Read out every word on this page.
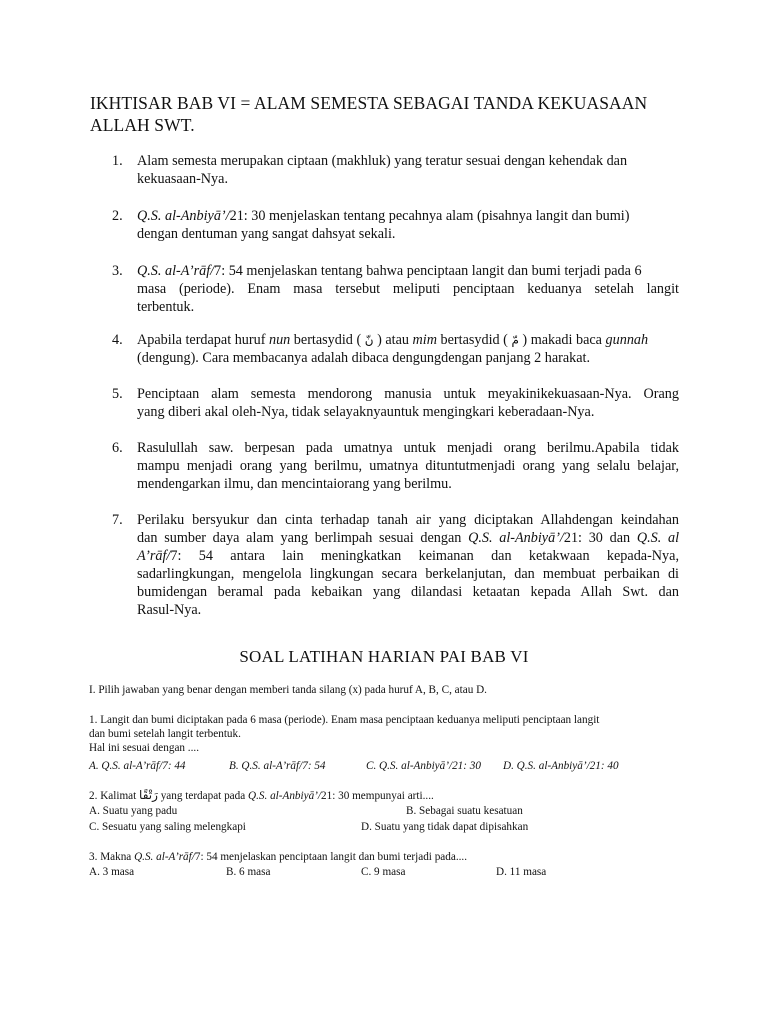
IKHTISAR BAB VI = ALAM SEMESTA SEBAGAI TANDA KEKUASAAN
ALLAH SWT.
1.	Alam semesta merupakan ciptaan (makhluk) yang teratur sesuai dengan kehendak dan
kekuasaan-Nya.
2.	Q.S. al-Anbiyā’/21: 30 menjelaskan tentang pecahnya alam (pisahnya langit dan bumi)
dengan dentuman yang sangat dahsyat sekali.
3.	Q.S. al-A’rāf/7: 54 menjelaskan tentang bahwa penciptaan langit dan bumi terjadi pada 6
masa (periode). Enam masa tersebut meliputi penciptaan keduanya setelah langit
terbentuk.
4.	Apabila terdapat huruf nun bertasydid ( نّ ) atau mim bertasydid ( مّ ) makadi baca gunnah
(dengung). Cara membacanya adalah dibaca dengungdengan panjang 2 harakat.
5.	Penciptaan alam semesta mendorong manusia untuk meyakinikekuasaan-Nya. Orang
yang diberi akal oleh-Nya, tidak selayaknyauntuk mengingkari keberadaan-Nya.
6.	Rasulullah saw. berpesan pada umatnya untuk menjadi orang berilmu.Apabila tidak
mampu menjadi orang yang berilmu, umatnya dituntutmenjadi orang yang selalu belajar,
mendengarkan ilmu, dan mencintaiorang yang berilmu.
7.	Perilaku bersyukur dan cinta terhadap tanah air yang diciptakan Allahdengan keindahan
dan sumber daya alam yang berlimpah sesuai dengan Q.S. al-Anbiyā’/21: 30 dan Q.S. al
A’rāf/7: 54 antara lain meningkatkan keimanan dan ketakwaan kepada-Nya,
sadarlingkungan, mengelola lingkungan secara berkelanjutan, dan membuat perbaikan di
bumidengan beramal pada kebaikan yang dilandasi ketaatan kepada Allah Swt. dan
Rasul-Nya.
SOAL LATIHAN HARIAN PAI BAB VI
I. Pilih jawaban yang benar dengan memberi tanda silang (x) pada huruf A, B, C, atau D.
1. Langit dan bumi diciptakan pada 6 masa (periode). Enam masa penciptaan keduanya meliputi penciptaan langit
dan bumi setelah langit terbentuk.
Hal ini sesuai dengan ....
A. Q.S. al-A’rāf/7: 44	B. Q.S. al-A’rāf/7: 54	C. Q.S. al-Anbiyā’/21: 30 D. Q.S. al-Anbiyā’/21: 40
2. Kalimat رَتْقًا yang terdapat pada Q.S. al-Anbiyā’/21: 30 mempunyai arti....
A. Suatu yang padu	B. Sebagai suatu kesatuan
C. Sesuatu yang saling melengkapi	D. Suatu yang tidak dapat dipisahkan
3. Makna Q.S. al-A’rāf/7: 54 menjelaskan penciptaan langit dan bumi terjadi pada....
A. 3 masa	B. 6 masa	C. 9 masa	D. 11 masa
